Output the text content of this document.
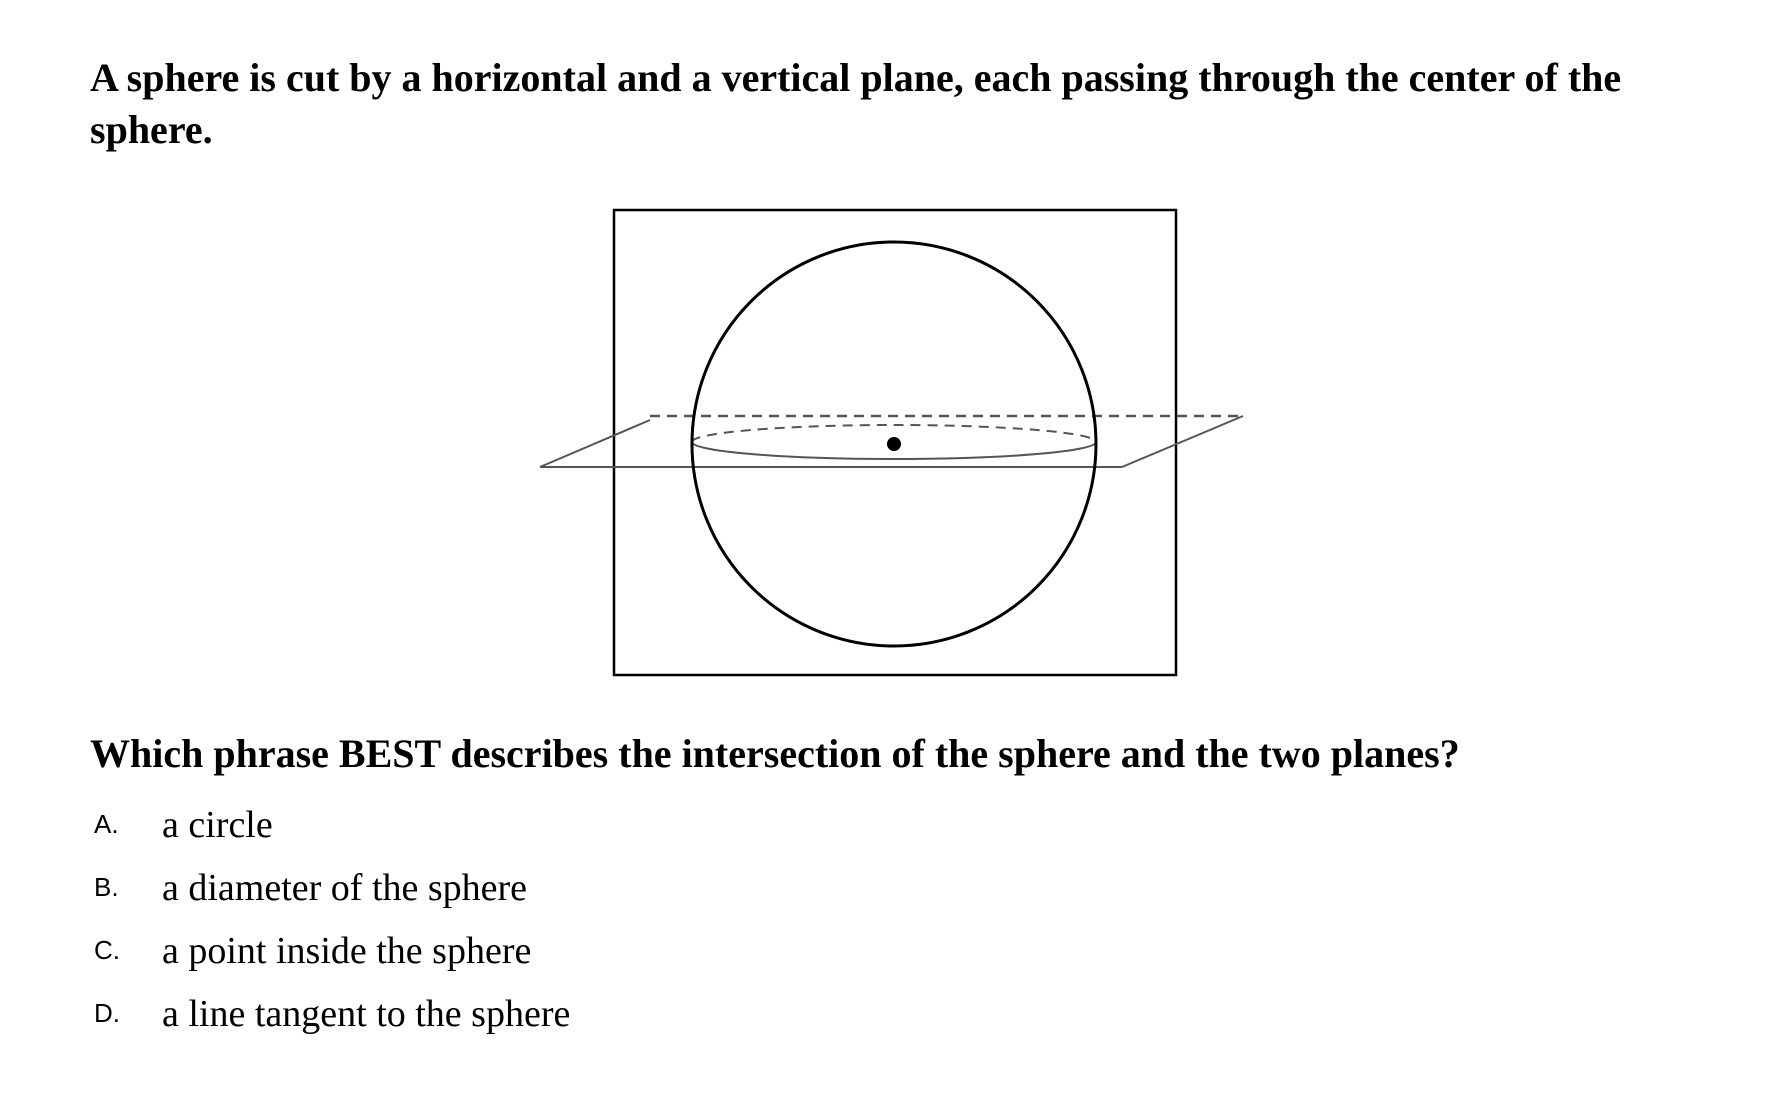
A sphere is cut by a horizontal and a vertical plane, each passing through the center of the sphere.

Which phrase BEST describes the intersection of the sphere and the two planes?

A. a circle
B. a diameter of the sphere
C. a point inside the sphere
D. a line tangent to the sphere
